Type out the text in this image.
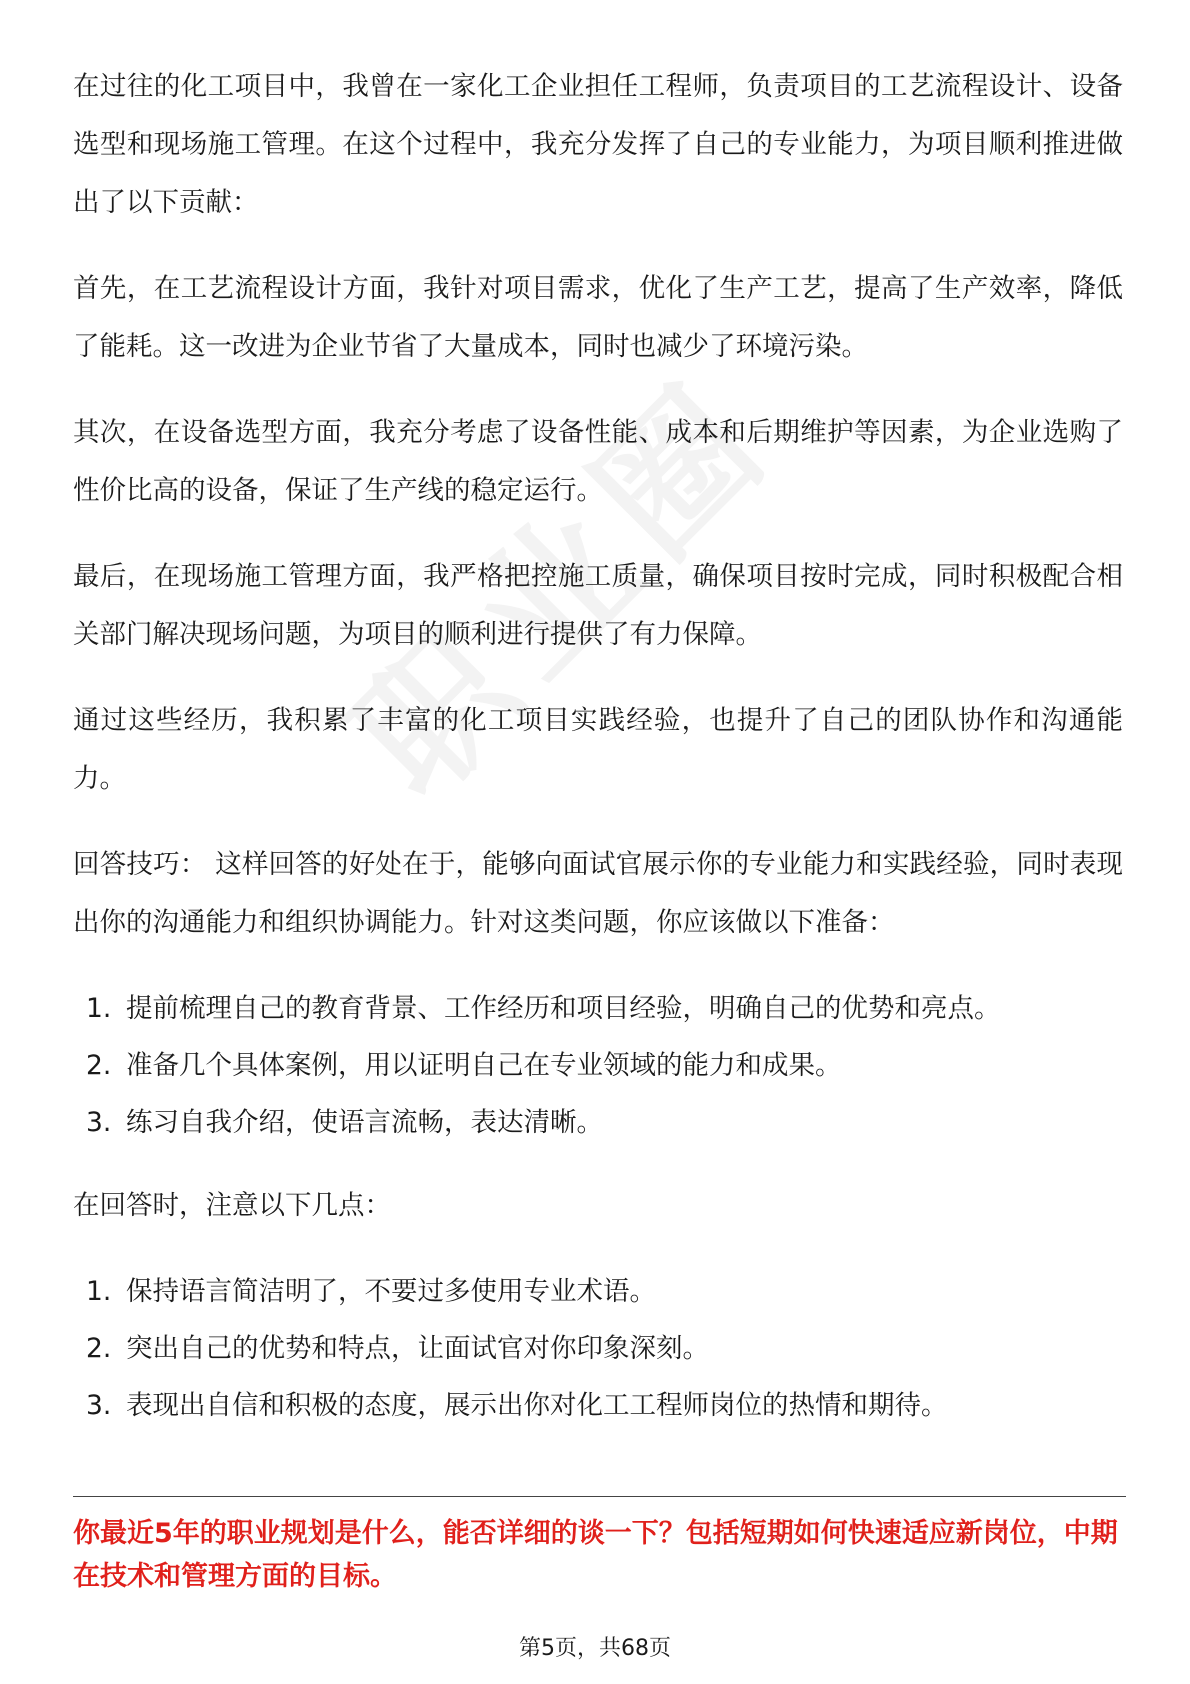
在过往的化工项目中，我曾在一家化工企业担任工程师，负责项目的工艺流程设计、设备选型和现场施工管理。在这个过程中，我充分发挥了自己的专业能力，为项目顺利推进做出了以下贡献：

首先，在工艺流程设计方面，我针对项目需求，优化了生产工艺，提高了生产效率，降低了能耗。这一改进为企业节省了大量成本，同时也减少了环境污染。

其次，在设备选型方面，我充分考虑了设备性能、成本和后期维护等因素，为企业选购了性价比高的设备，保证了生产线的稳定运行。

最后，在现场施工管理方面，我严格把控施工质量，确保项目按时完成，同时积极配合相关部门解决现场问题，为项目的顺利进行提供了有力保障。

通过这些经历，我积累了丰富的化工项目实践经验，也提升了自己的团队协作和沟通能力。

回答技巧： 这样回答的好处在于，能够向面试官展示你的专业能力和实践经验，同时表现出你的沟通能力和组织协调能力。针对这类问题，你应该做以下准备：

1. 提前梳理自己的教育背景、工作经历和项目经验，明确自己的优势和亮点。
2. 准备几个具体案例，用以证明自己在专业领域的能力和成果。
3. 练习自我介绍，使语言流畅，表达清晰。

在回答时，注意以下几点：

1. 保持语言简洁明了，不要过多使用专业术语。
2. 突出自己的优势和特点，让面试官对你印象深刻。
3. 表现出自信和积极的态度，展示出你对化工工程师岗位的热情和期待。
你最近5年的职业规划是什么，能否详细的谈一下？包括短期如何快速适应新岗位，中期在技术和管理方面的目标。
第5页，共68页
